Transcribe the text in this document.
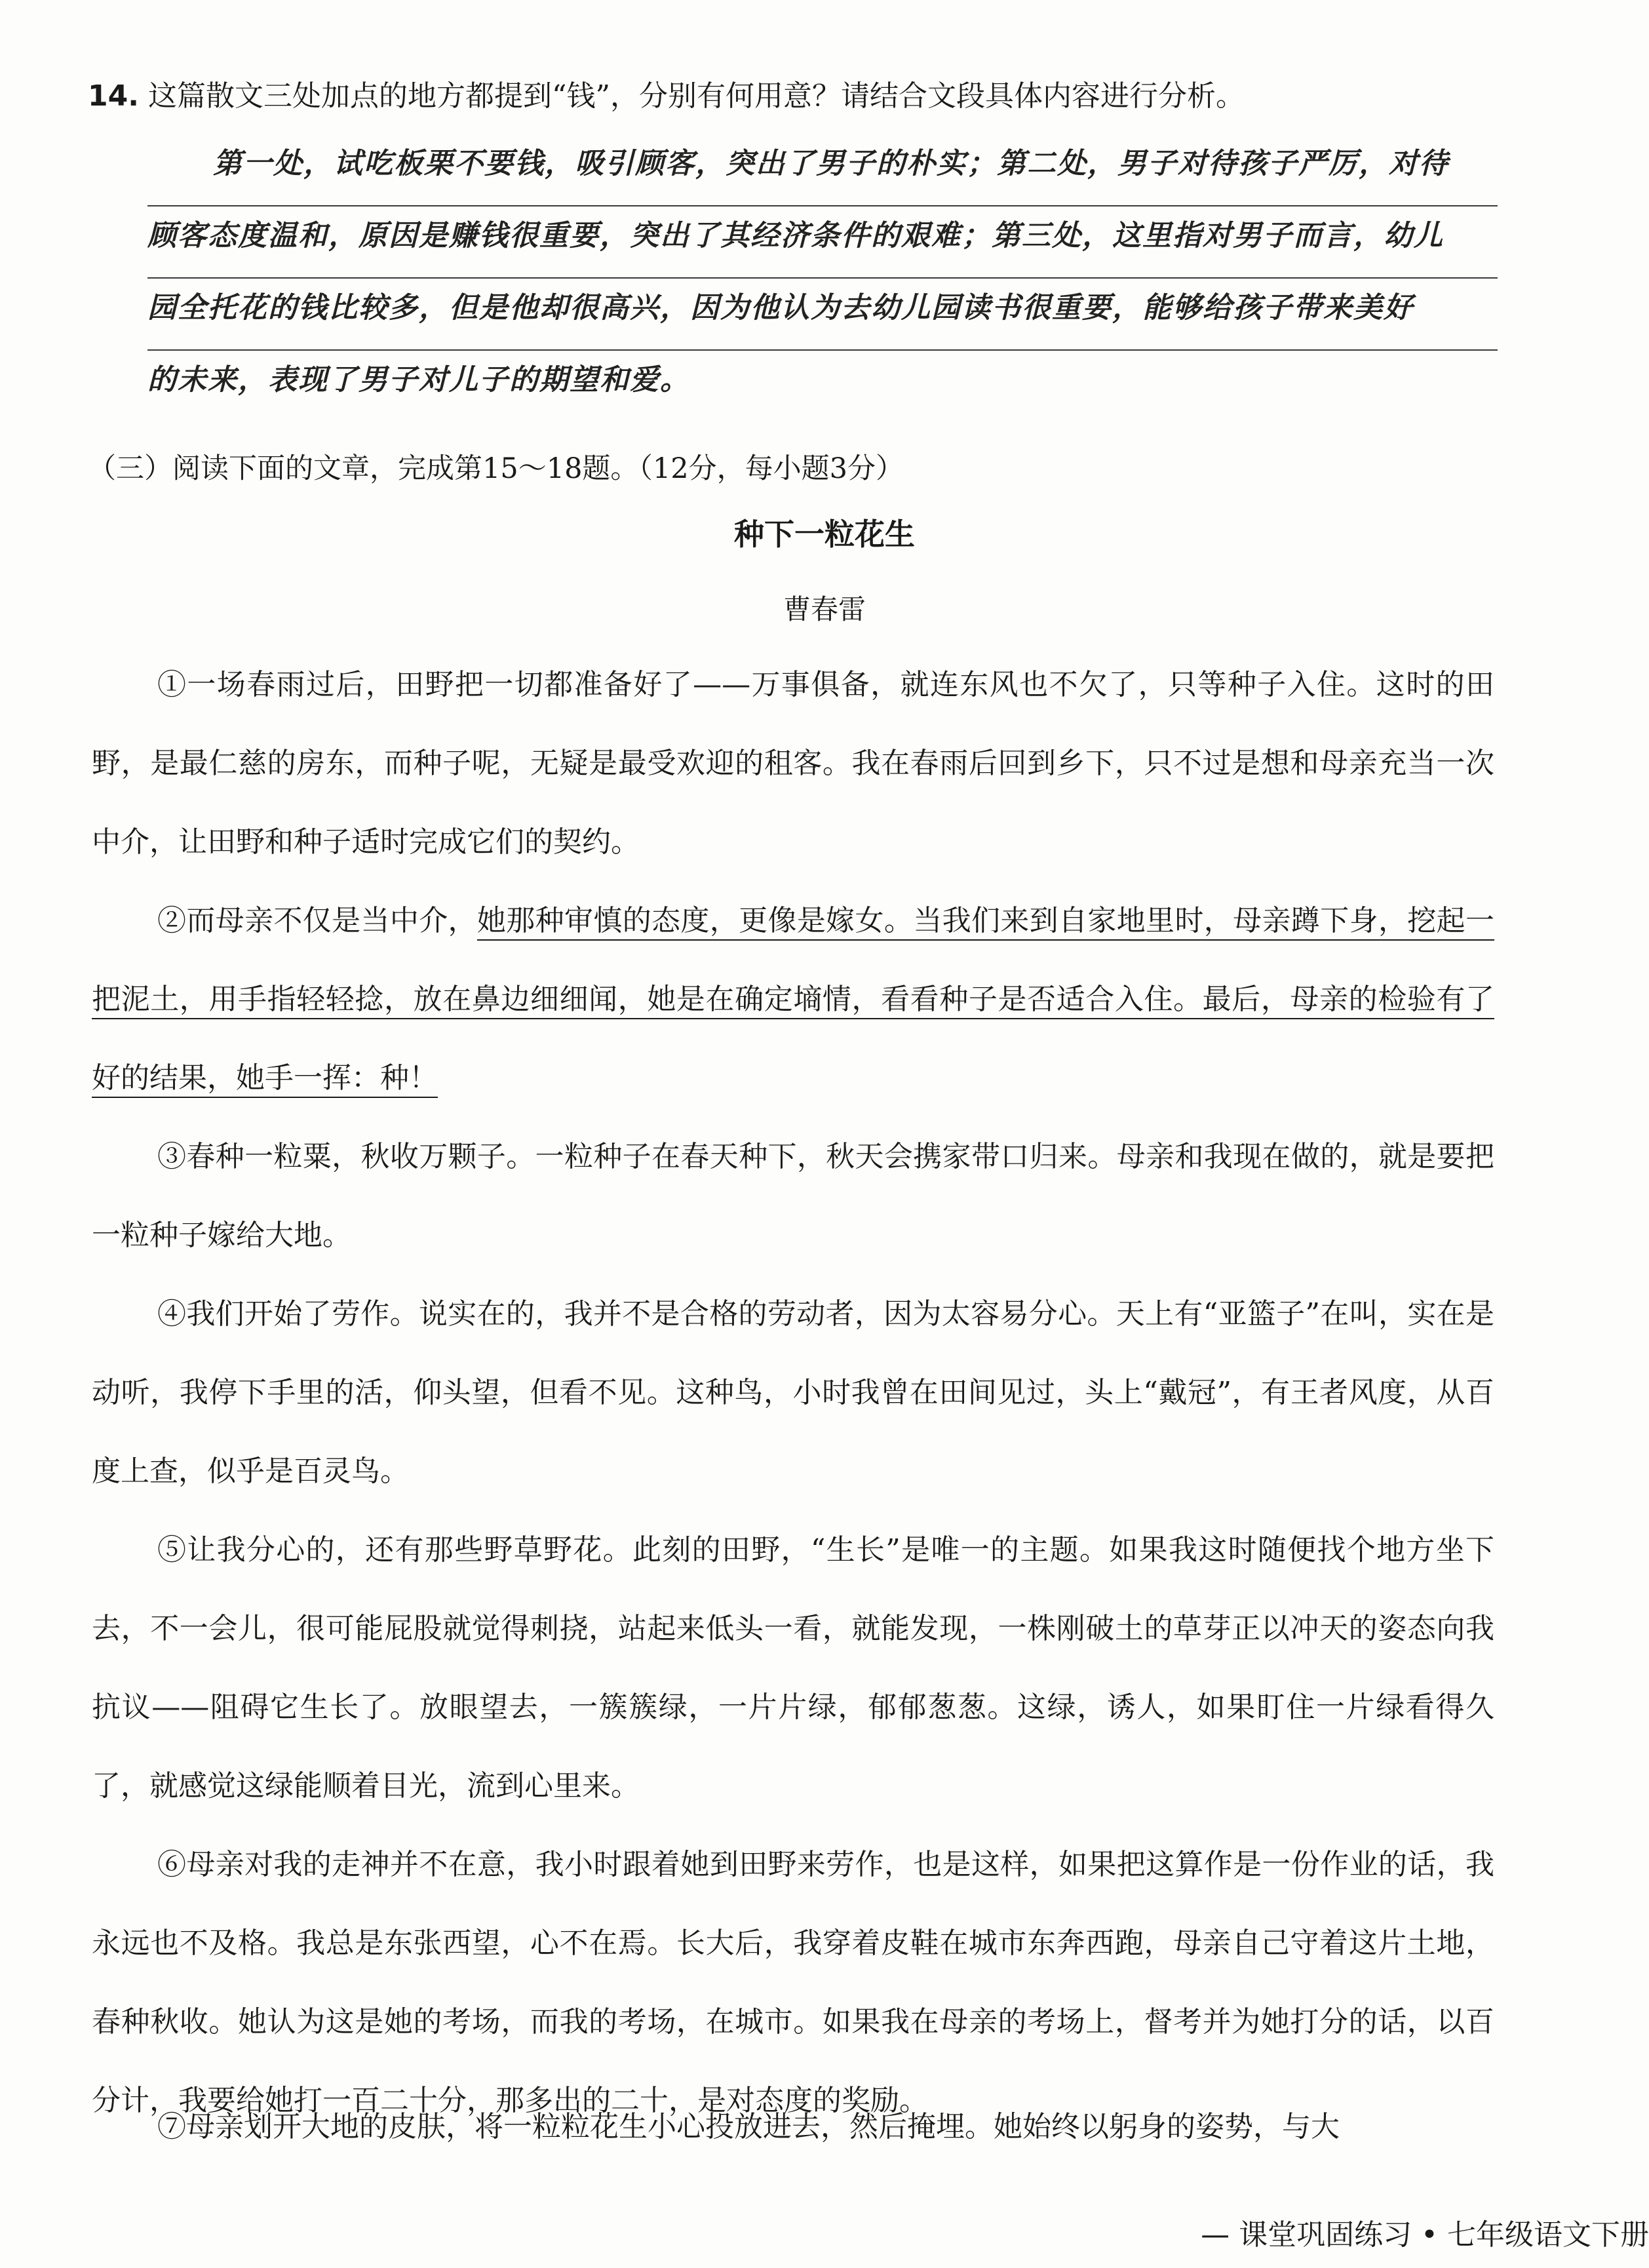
14. 这篇散文三处加点的地方都提到“钱”，分别有何用意？请结合文段具体内容进行分析。
第一处，试吃板栗不要钱，吸引顾客，突出了男子的朴实；第二处，男子对待孩子严厉，对待
顾客态度温和，原因是赚钱很重要，突出了其经济条件的艰难；第三处，这里指对男子而言，幼儿
园全托花的钱比较多，但是他却很高兴，因为他认为去幼儿园读书很重要，能够给孩子带来美好
的未来，表现了男子对儿子的期望和爱。
（三）阅读下面的文章，完成第15～18题。（12分，每小题3分）
种下一粒花生
曹春雷
①一场春雨过后，田野把一切都准备好了——万事俱备，就连东风也不欠了，只等种子入住。这时的田野，是最仁慈的房东，而种子呢，无疑是最受欢迎的租客。我在春雨后回到乡下，只不过是想和母亲充当一次中介，让田野和种子适时完成它们的契约。
②而母亲不仅是当中介，她那种审慎的态度，更像是嫁女。当我们来到自家地里时，母亲蹲下身，挖起一把泥土，用手指轻轻捻，放在鼻边细细闻，她是在确定墒情，看看种子是否适合入住。最后，母亲的检验有了好的结果，她手一挥：种！
③春种一粒粟，秋收万颗子。一粒种子在春天种下，秋天会携家带口归来。母亲和我现在做的，就是要把一粒种子嫁给大地。
④我们开始了劳作。说实在的，我并不是合格的劳动者，因为太容易分心。天上有“亚篮子”在叫，实在是动听，我停下手里的活，仰头望，但看不见。这种鸟，小时我曾在田间见过，头上“戴冠”，有王者风度，从百度上查，似乎是百灵鸟。
⑤让我分心的，还有那些野草野花。此刻的田野，“生长”是唯一的主题。如果我这时随便找个地方坐下去，不一会儿，很可能屁股就觉得刺挠，站起来低头一看，就能发现，一株刚破土的草芽正以冲天的姿态向我抗议——阻碍它生长了。放眼望去，一簇簇绿，一片片绿，郁郁葱葱。这绿，诱人，如果盯住一片绿看得久了，就感觉这绿能顺着目光，流到心里来。
⑥母亲对我的走神并不在意，我小时跟着她到田野来劳作，也是这样，如果把这算作是一份作业的话，我永远也不及格。我总是东张西望，心不在焉。长大后，我穿着皮鞋在城市东奔西跑，母亲自己守着这片土地，春种秋收。她认为这是她的考场，而我的考场，在城市。如果我在母亲的考场上，督考并为她打分的话，以百分计，我要给她打一百二十分，那多出的二十，是对态度的奖励。
⑦母亲划开大地的皮肤，将一粒粒花生小心投放进去，然后掩埋。她始终以躬身的姿势，与大
— 课堂巩固练习 • 七年级语文下册
